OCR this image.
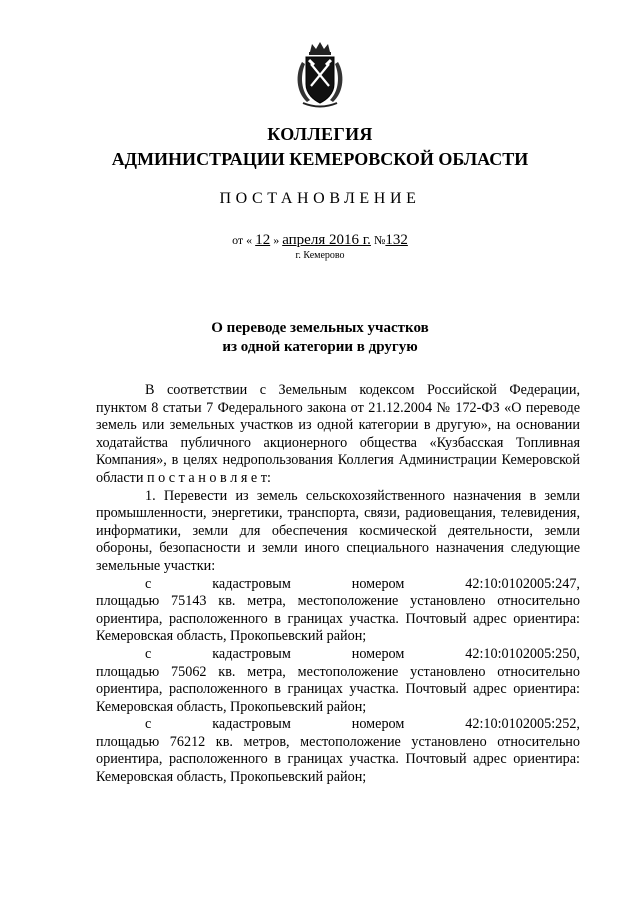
КОЛЛЕГИЯ
АДМИНИСТРАЦИИ КЕМЕРОВСКОЙ ОБЛАСТИ
ПОСТАНОВЛЕНИЕ
от « 12 » апреля 2016 г. №132
г. Кемерово
О переводе земельных участков
из одной категории в другую

В соответствии с Земельным кодексом Российской Федерации, пунктом 8 статьи 7 Федерального закона от 21.12.2004 № 172-ФЗ «О переводе земель или земельных участков из одной категории в другую», на основании ходатайства публичного акционерного общества «Кузбасская Топливная Компания», в целях недропользования Коллегия Администрации Кемеровской области п о с т а н о в л я е т:

1. Перевести из земель сельскохозяйственного назначения в земли промышленности, энергетики, транспорта, связи, радиовещания, телевидения, информатики, земли для обеспечения космической деятельности, земли обороны, безопасности и земли иного специального назначения следующие земельные участки:

с	кадастровым	номером	42:10:0102005:247,

площадью 75143 кв. метра, местоположение установлено относительно ориентира, расположенного в границах участка. Почтовый адрес ориентира: Кемеровская область, Прокопьевский район;

с	кадастровым	номером	42:10:0102005:250,

площадью 75062 кв. метра, местоположение установлено относительно ориентира, расположенного в границах участка. Почтовый адрес ориентира: Кемеровская область, Прокопьевский район;

с	кадастровым	номером	42:10:0102005:252,

площадью 76212 кв. метров, местоположение установлено относительно ориентира, расположенного в границах участка. Почтовый адрес ориентира: Кемеровская область, Прокопьевский район;
